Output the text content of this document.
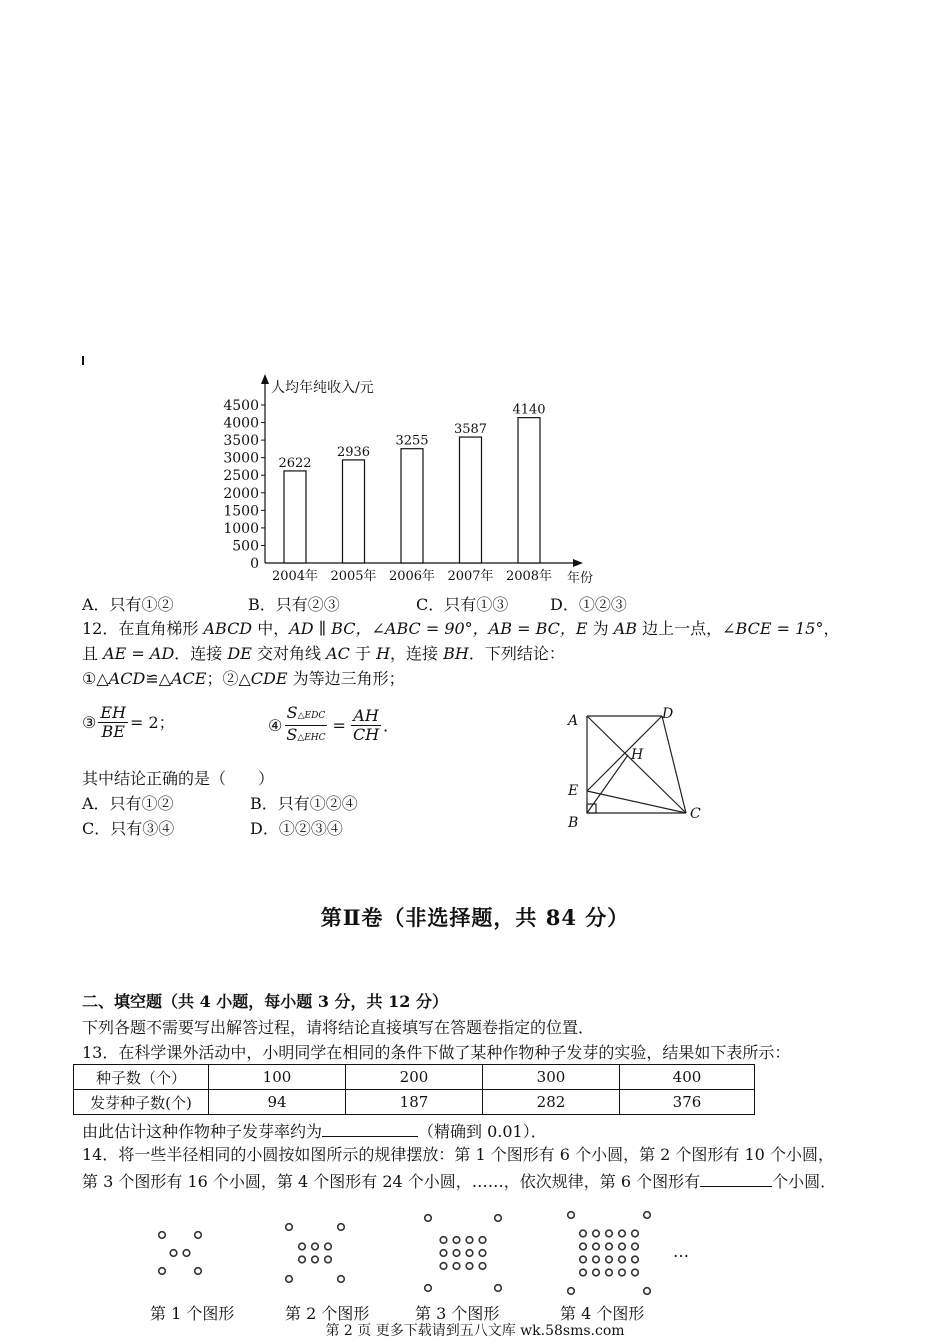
0
500
1000
1500
2000
2500
3000
3500
4000
4500
人均年纯收入/元
2622
2004年
2936
2005年
3255
2006年
3587
2007年
4140
2008年 年份
A．只有①②	B．只有②③	C．只有①③	D．①②③
12．在直角梯形 ABCD 中，AD ∥ BC，∠ABC = 90°，AB = BC，E 为 AB 边上一点，∠BCE = 15°，
且 AE = AD．连接 DE 交对角线 AC 于 H，连接 BH．下列结论：
①△ACD≌△ACE；②△CDE 为等边三角形；
③ $\frac{EH}{BE} = 2$；	④ $\frac{\text{S△EDC}}{\text{S△EHC}} = \frac{AH}{CH}$ ．
其中结论正确的是（　　）
A．只有①②	B．只有①②④
C．只有③④	D．①②③④
A	D
H
E
B
C
第Ⅱ卷（非选择题，共 84 分）
二、填空题（共 4 小题，每小题 3 分，共 12 分）
下列各题不需要写出解答过程，请将结论直接填写在答题卷指定的位置．
13．在科学课外活动中，小明同学在相同的条件下做了某种作物种子发芽的实验，结果如下表所示：
种子数（个）	100	200	300	400
发芽种子数(个)	94	187	282	376
由此估计这种作物种子发芽率约为	（精确到 0.01）．
14．将一些半径相同的小圆按如图所示的规律摆放：第 1 个图形有 6 个小圆，第 2 个图形有 10 个小圆，
第 3 个图形有 16 个小圆，第 4 个图形有 24 个小圆，……，依次规律，第 6 个图形有	个小圆．
…
第 1 个图形	第 2 个图形	第 3 个图形	第 4 个图形
第 2 页 更多下载请到五八文库 wk.58sms.com
